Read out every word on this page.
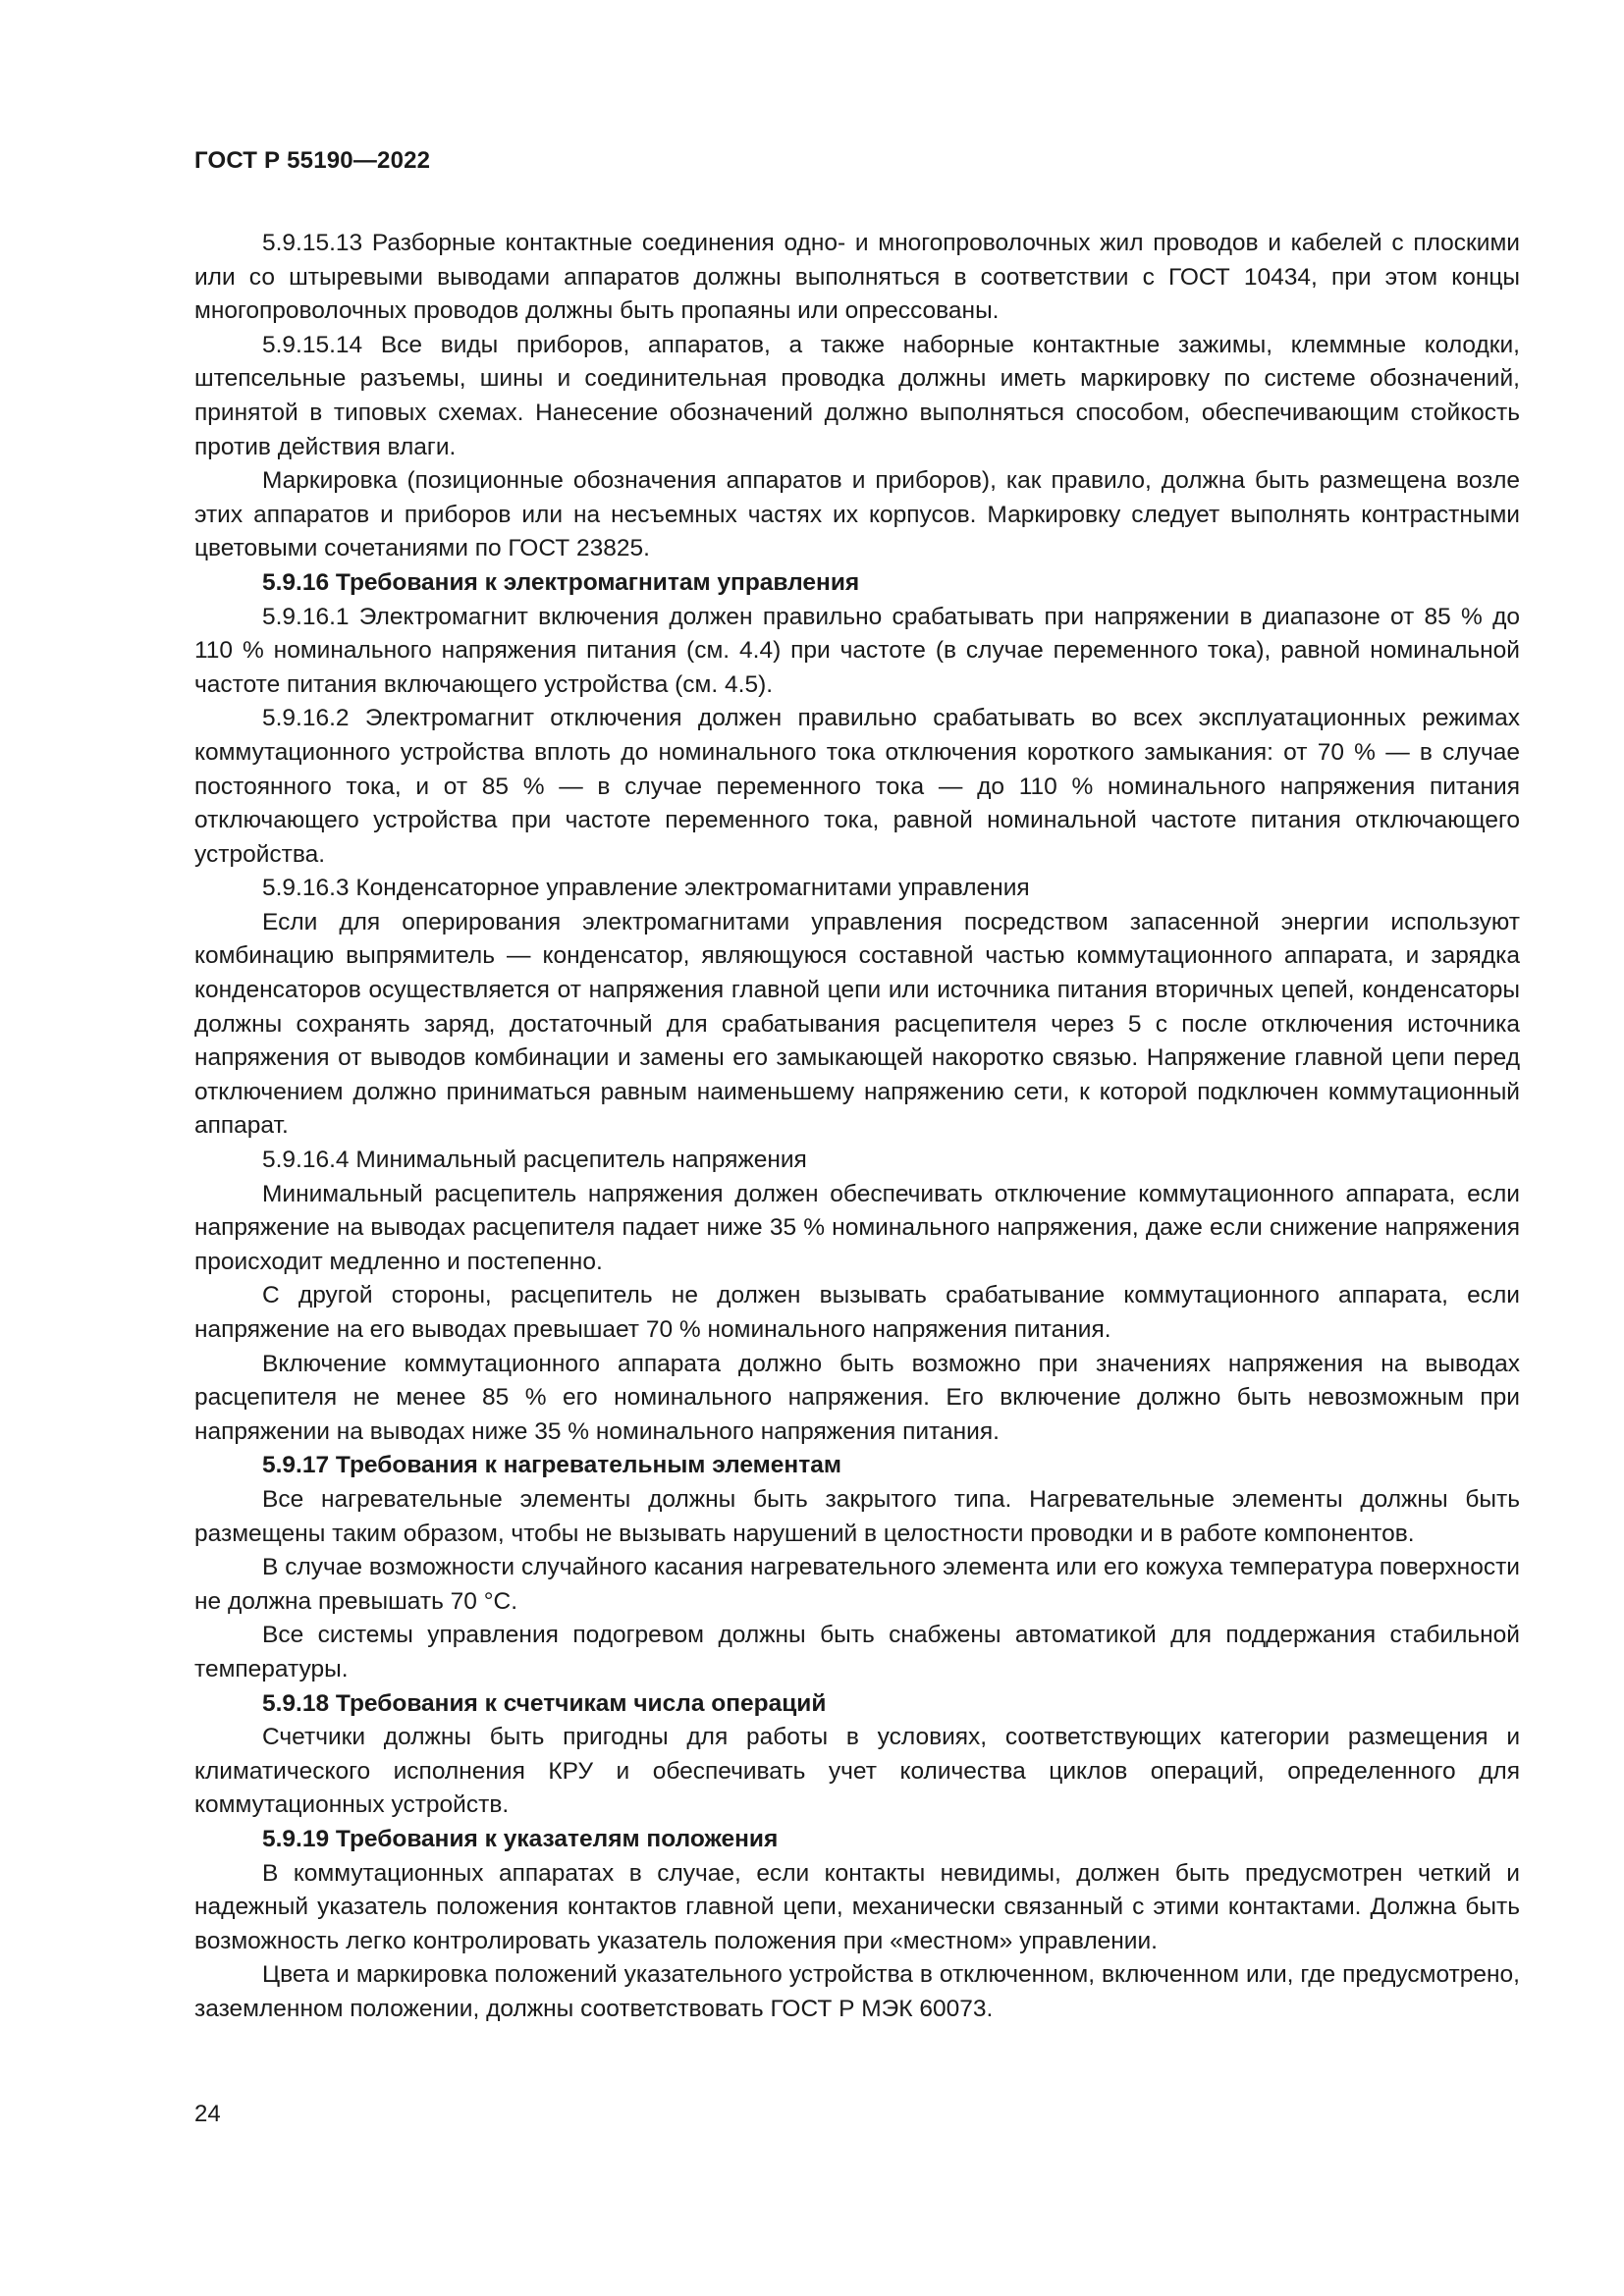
ГОСТ Р 55190—2022

5.9.15.13 Разборные контактные соединения одно- и многопроволочных жил проводов и кабелей с плоскими или со штыревыми выводами аппаратов должны выполняться в соответствии с ГОСТ 10434, при этом концы многопроволочных проводов должны быть пропаяны или опрессованы.

5.9.15.14 Все виды приборов, аппаратов, а также наборные контактные зажимы, клеммные колодки, штепсельные разъемы, шины и соединительная проводка должны иметь маркировку по системе обозначений, принятой в типовых схемах. Нанесение обозначений должно выполняться способом, обеспечивающим стойкость против действия влаги.

Маркировка (позиционные обозначения аппаратов и приборов), как правило, должна быть размещена возле этих аппаратов и приборов или на несъемных частях их корпусов. Маркировку следует выполнять контрастными цветовыми сочетаниями по ГОСТ 23825.

5.9.16 Требования к электромагнитам управления

5.9.16.1 Электромагнит включения должен правильно срабатывать при напряжении в диапазоне от 85 % до 110 % номинального напряжения питания (см. 4.4) при частоте (в случае переменного тока), равной номинальной частоте питания включающего устройства (см. 4.5).

5.9.16.2 Электромагнит отключения должен правильно срабатывать во всех эксплуатационных режимах коммутационного устройства вплоть до номинального тока отключения короткого замыкания: от 70 % — в случае постоянного тока, и от 85 % — в случае переменного тока — до 110 % номинального напряжения питания отключающего устройства при частоте переменного тока, равной номинальной частоте питания отключающего устройства.

5.9.16.3 Конденсаторное управление электромагнитами управления

Если для оперирования электромагнитами управления посредством запасенной энергии используют комбинацию выпрямитель — конденсатор, являющуюся составной частью коммутационного аппарата, и зарядка конденсаторов осуществляется от напряжения главной цепи или источника питания вторичных цепей, конденсаторы должны сохранять заряд, достаточный для срабатывания расцепителя через 5 с после отключения источника напряжения от выводов комбинации и замены его замыкающей накоротко связью. Напряжение главной цепи перед отключением должно приниматься равным наименьшему напряжению сети, к которой подключен коммутационный аппарат.

5.9.16.4 Минимальный расцепитель напряжения

Минимальный расцепитель напряжения должен обеспечивать отключение коммутационного аппарата, если напряжение на выводах расцепителя падает ниже 35 % номинального напряжения, даже если снижение напряжения происходит медленно и постепенно.

С другой стороны, расцепитель не должен вызывать срабатывание коммутационного аппарата, если напряжение на его выводах превышает 70 % номинального напряжения питания.

Включение коммутационного аппарата должно быть возможно при значениях напряжения на выводах расцепителя не менее 85 % его номинального напряжения. Его включение должно быть невозможным при напряжении на выводах ниже 35 % номинального напряжения питания.

5.9.17 Требования к нагревательным элементам

Все нагревательные элементы должны быть закрытого типа. Нагревательные элементы должны быть размещены таким образом, чтобы не вызывать нарушений в целостности проводки и в работе компонентов.

В случае возможности случайного касания нагревательного элемента или его кожуха температура поверхности не должна превышать 70 °C.

Все системы управления подогревом должны быть снабжены автоматикой для поддержания стабильной температуры.

5.9.18 Требования к счетчикам числа операций

Счетчики должны быть пригодны для работы в условиях, соответствующих категории размещения и климатического исполнения КРУ и обеспечивать учет количества циклов операций, определенного для коммутационных устройств.

5.9.19 Требования к указателям положения

В коммутационных аппаратах в случае, если контакты невидимы, должен быть предусмотрен четкий и надежный указатель положения контактов главной цепи, механически связанный с этими контактами. Должна быть возможность легко контролировать указатель положения при «местном» управлении.

Цвета и маркировка положений указательного устройства в отключенном, включенном или, где предусмотрено, заземленном положении, должны соответствовать ГОСТ Р МЭК 60073.

24
